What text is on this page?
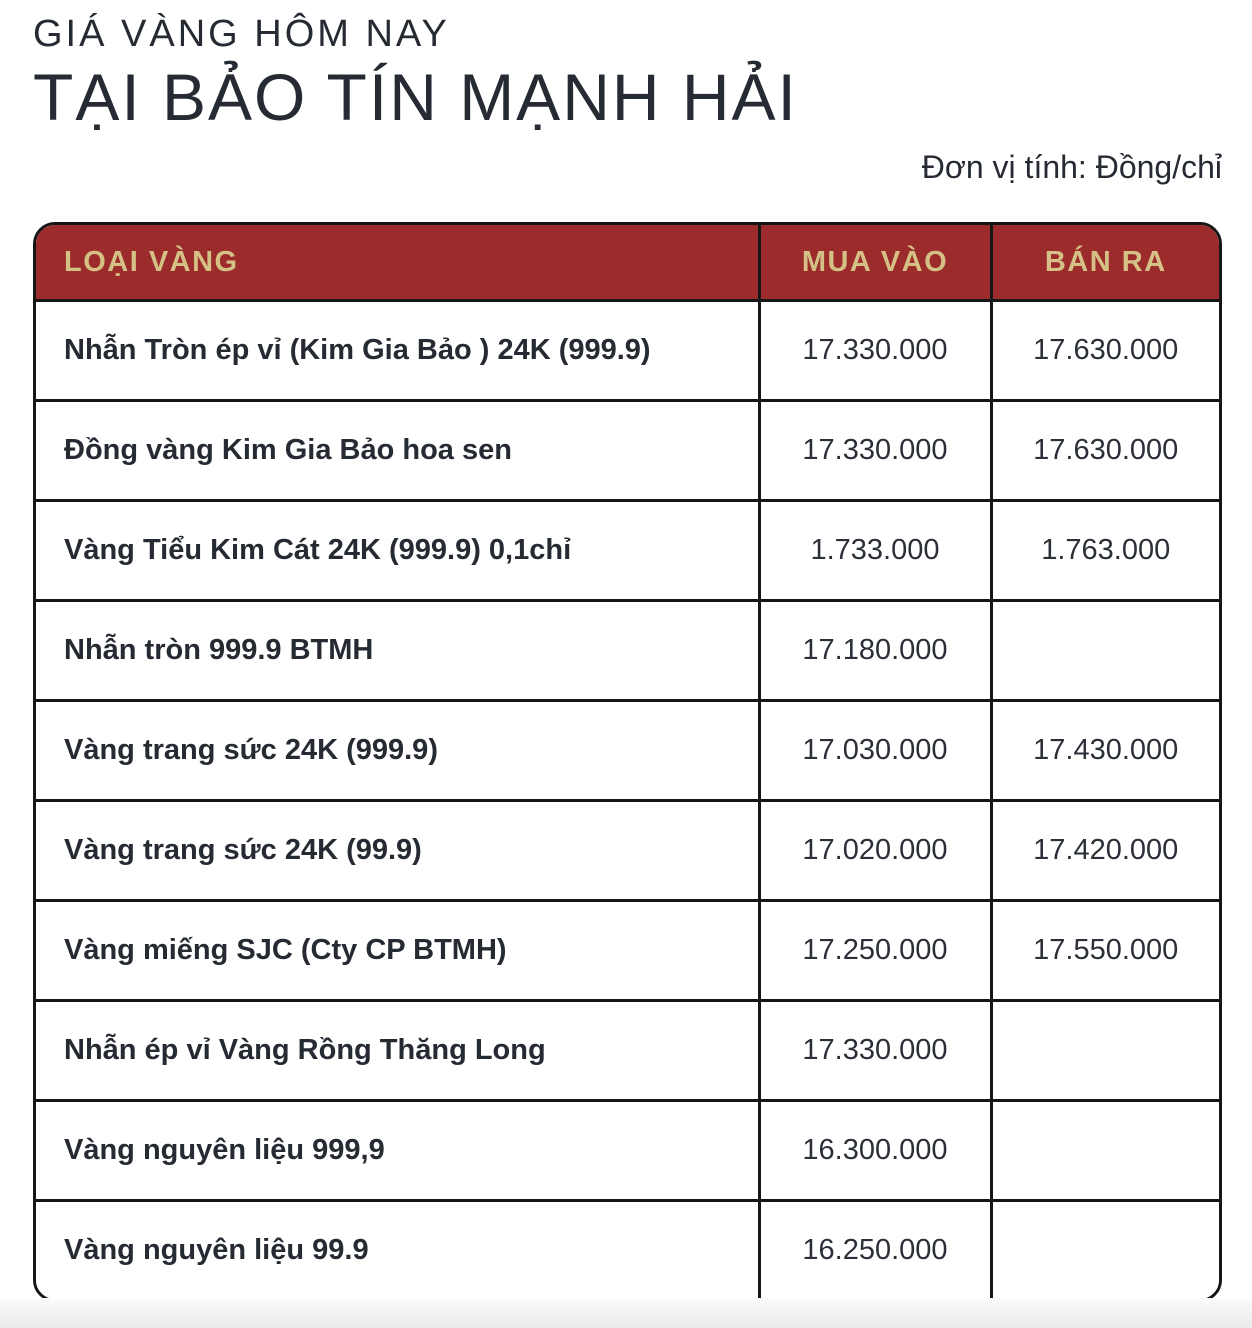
GIÁ VÀNG HÔM NAY
TẠI BẢO TÍN MẠNH HẢI
Đơn vị tính: Đồng/chỉ
LOẠI VÀNG	MUA VÀO	BÁN RA
Nhẫn Tròn ép vỉ (Kim Gia Bảo ) 24K (999.9)	17.330.000	17.630.000
Đồng vàng Kim Gia Bảo hoa sen	17.330.000	17.630.000
Vàng Tiểu Kim Cát 24K (999.9) 0,1chỉ	1.733.000	1.763.000
Nhẫn tròn 999.9 BTMH	17.180.000	
Vàng trang sức 24K (999.9)	17.030.000	17.430.000
Vàng trang sức 24K (99.9)	17.020.000	17.420.000
Vàng miếng SJC (Cty CP BTMH)	17.250.000	17.550.000
Nhẫn ép vỉ Vàng Rồng Thăng Long	17.330.000	
Vàng nguyên liệu 999,9	16.300.000	
Vàng nguyên liệu 99.9	16.250.000	
